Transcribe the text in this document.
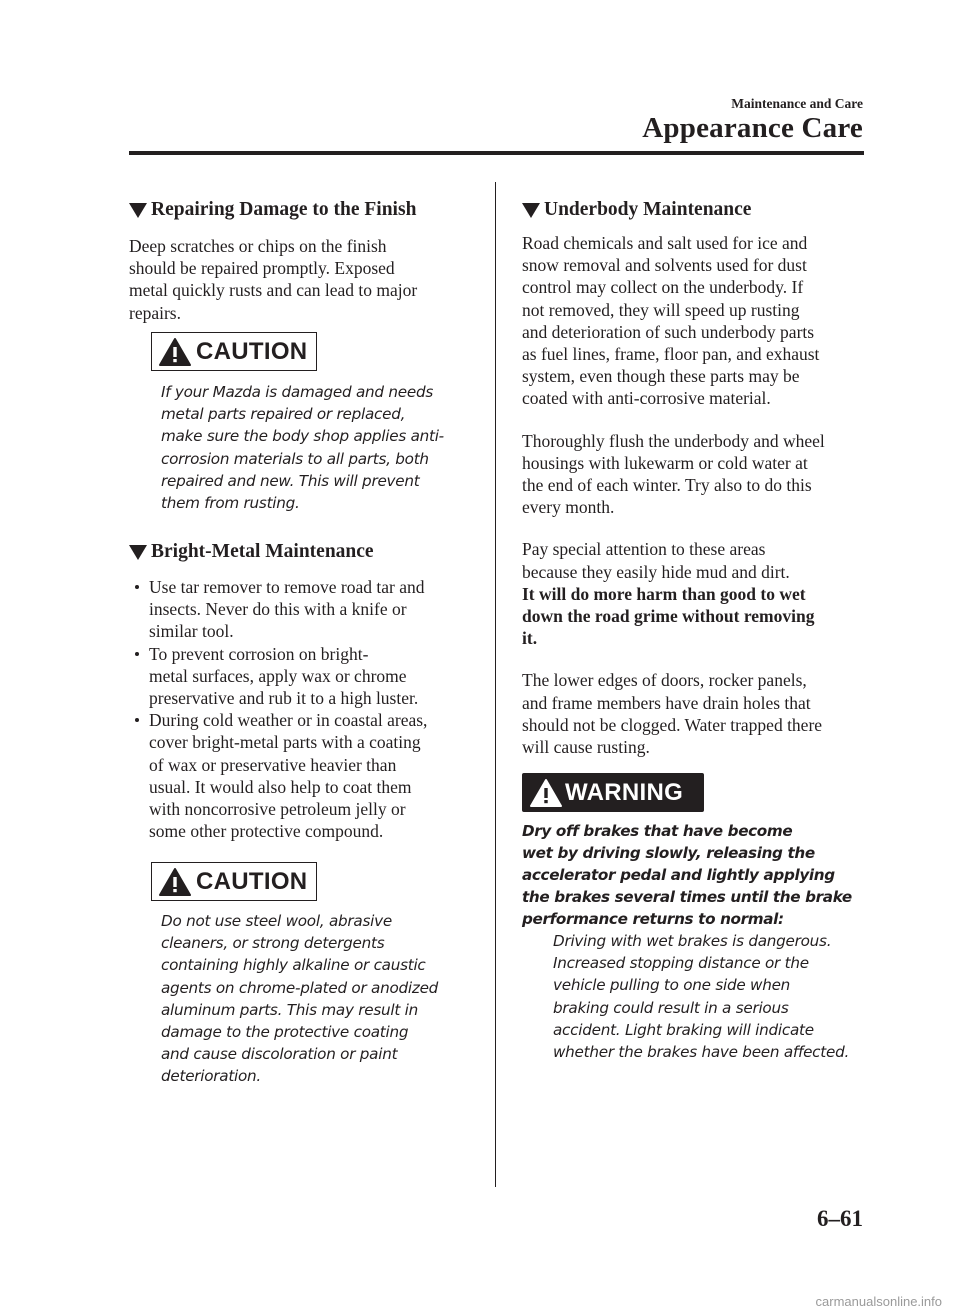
Maintenance and Care
Appearance Care
Repairing Damage to the Finish

Deep scratches or chips on the finish

should be repaired promptly. Exposed

metal quickly rusts and can lead to major

repairs.

CAUTION
If your Mazda is damaged and needs
metal parts repaired or replaced,
make sure the body shop applies anti-
corrosion materials to all parts, both
repaired and new. This will prevent
them from rusting.
Bright-Metal Maintenance
Use tar remover to remove road tar and
insects. Never do this with a knife or
similar tool.
To prevent corrosion on bright-
metal surfaces, apply wax or chrome
preservative and rub it to a high luster.
During cold weather or in coastal areas,
cover bright-metal parts with a coating
of wax or preservative heavier than
usual. It would also help to coat them
with noncorrosive petroleum jelly or
some other protective compound.
CAUTION
Do not use steel wool, abrasive
cleaners, or strong detergents
containing highly alkaline or caustic
agents on chrome-plated or anodized
aluminum parts. This may result in
damage to the protective coating
and cause discoloration or paint
deterioration.
Underbody Maintenance

Road chemicals and salt used for ice and

snow removal and solvents used for dust

control may collect on the underbody. If

not removed, they will speed up rusting

and deterioration of such underbody parts

as fuel lines, frame, floor pan, and exhaust

system, even though these parts may be

coated with anti-corrosive material.

Thoroughly flush the underbody and wheel

housings with lukewarm or cold water at

the end of each winter. Try also to do this

every month.

Pay special attention to these areas

because they easily hide mud and dirt.

It will do more harm than good to wet

down the road grime without removing

it.

The lower edges of doors, rocker panels,

and frame members have drain holes that

should not be clogged. Water trapped there

will cause rusting.

WARNING
Dry off brakes that have become
wet by driving slowly, releasing the
accelerator pedal and lightly applying
the brakes several times until the brake
performance returns to normal:
Driving with wet brakes is dangerous.
Increased stopping distance or the
vehicle pulling to one side when
braking could result in a serious
accident. Light braking will indicate
whether the brakes have been affected.
6–61
carmanualsonline.info
